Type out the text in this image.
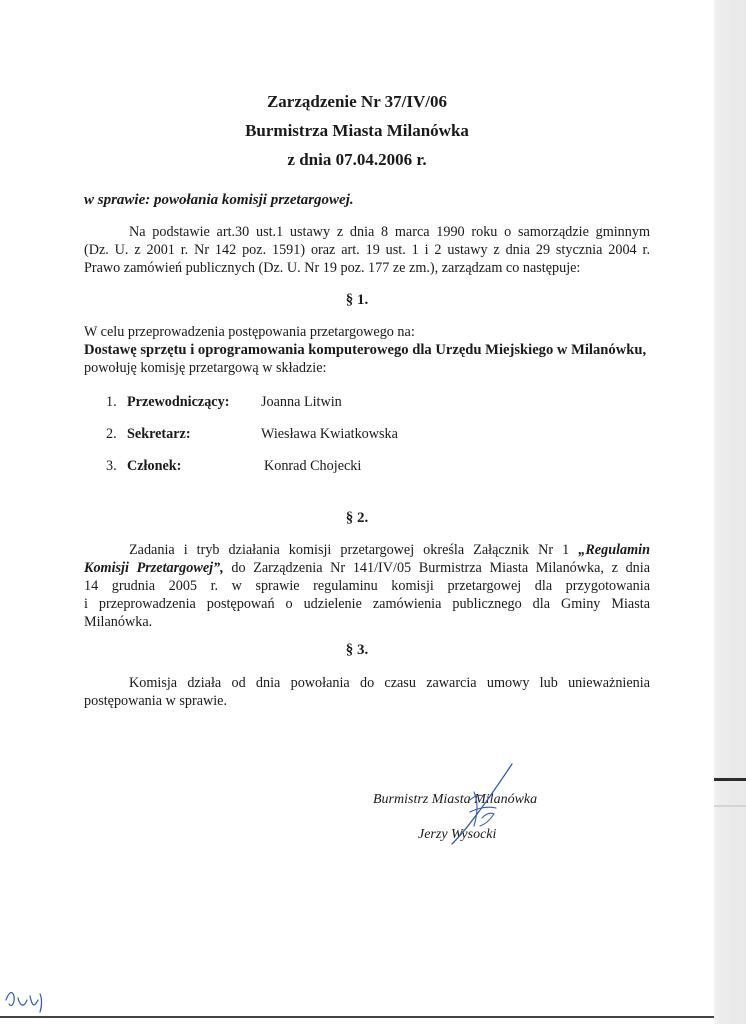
Zarządzenie Nr 37/IV/06
Burmistrza Miasta Milanówka
z dnia 07.04.2006 r.
w sprawie: powołania komisji przetargowej.
Na podstawie art.30 ust.1 ustawy z dnia 8 marca 1990 roku o samorządzie gminnym
(Dz. U. z 2001 r. Nr 142 poz. 1591) oraz art. 19 ust. 1 i 2 ustawy z dnia 29 stycznia 2004 r.
Prawo zamówień publicznych (Dz. U. Nr 19 poz. 177 ze zm.), zarządzam co następuje:
§ 1.
W celu przeprowadzenia postępowania przetargowego na:
Dostawę sprzętu i oprogramowania komputerowego dla Urzędu Miejskiego w Milanówku,
powołuję komisję przetargową w składzie:
1. Przewodniczący: Joanna Litwin
2. Sekretarz:	Wiesława Kwiatkowska
3. Członek:	Konrad Chojecki
§ 2.
Zadania i tryb działania komisji przetargowej określa Załącznik Nr 1 „Regulamin
Komisji Przetargowej”, do Zarządzenia Nr 141/IV/05 Burmistrza Miasta Milanówka, z dnia
14 grudnia 2005 r. w sprawie regulaminu komisji przetargowej dla przygotowania
i przeprowadzenia postępowań o udzielenie zamówienia publicznego dla Gminy Miasta
Milanówka.
§ 3.
Komisja działa od dnia powołania do czasu zawarcia umowy lub unieważnienia
postępowania w sprawie.
Burmistrz Miasta Milanówka
Jerzy Wysocki
